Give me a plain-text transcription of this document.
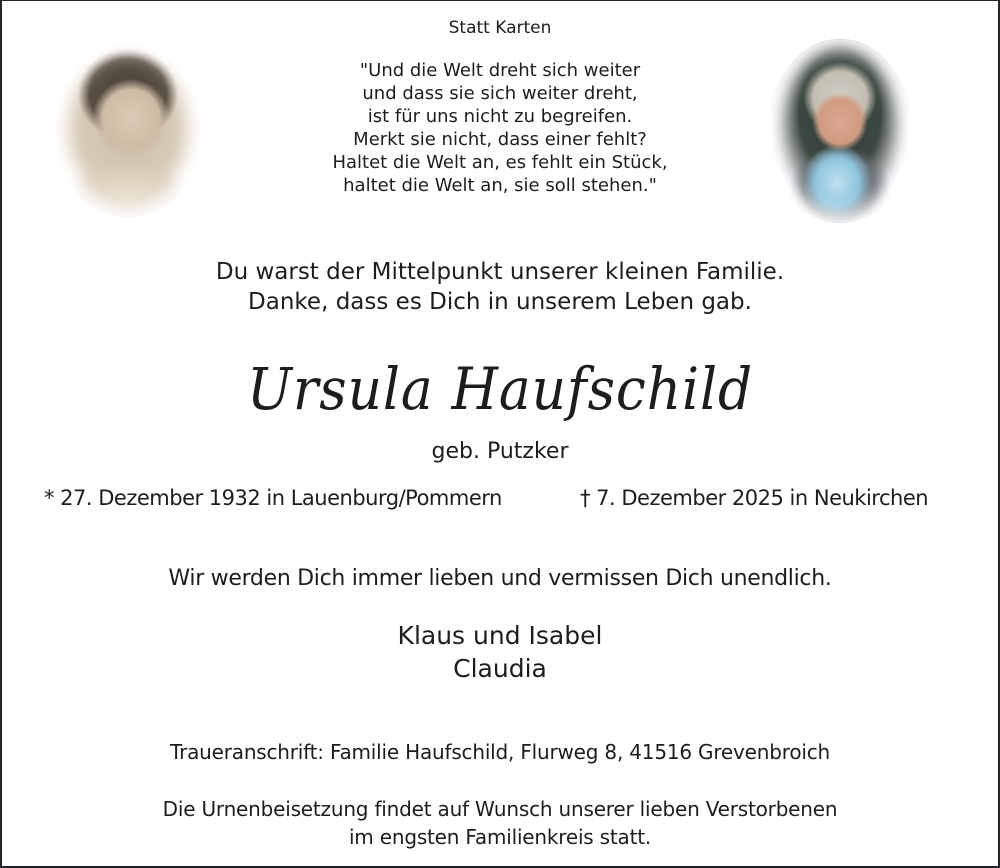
Statt Karten
"Und die Welt dreht sich weiter
und dass sie sich weiter dreht,
ist für uns nicht zu begreifen.
Merkt sie nicht, dass einer fehlt?
Haltet die Welt an, es fehlt ein Stück,
haltet die Welt an, sie soll stehen."
Du warst der Mittelpunkt unserer kleinen Familie.
Danke, dass es Dich in unserem Leben gab.
Ursula Haufschild
geb. Putzker
* 27. Dezember 1932 in Lauenburg/Pommern	† 7. Dezember 2025 in Neukirchen
Wir werden Dich immer lieben und vermissen Dich unendlich.
Klaus und Isabel
Claudia
Traueranschrift: Familie Haufschild, Flurweg 8, 41516 Grevenbroich
Die Urnenbeisetzung findet auf Wunsch unserer lieben Verstorbenen
im engsten Familienkreis statt.
